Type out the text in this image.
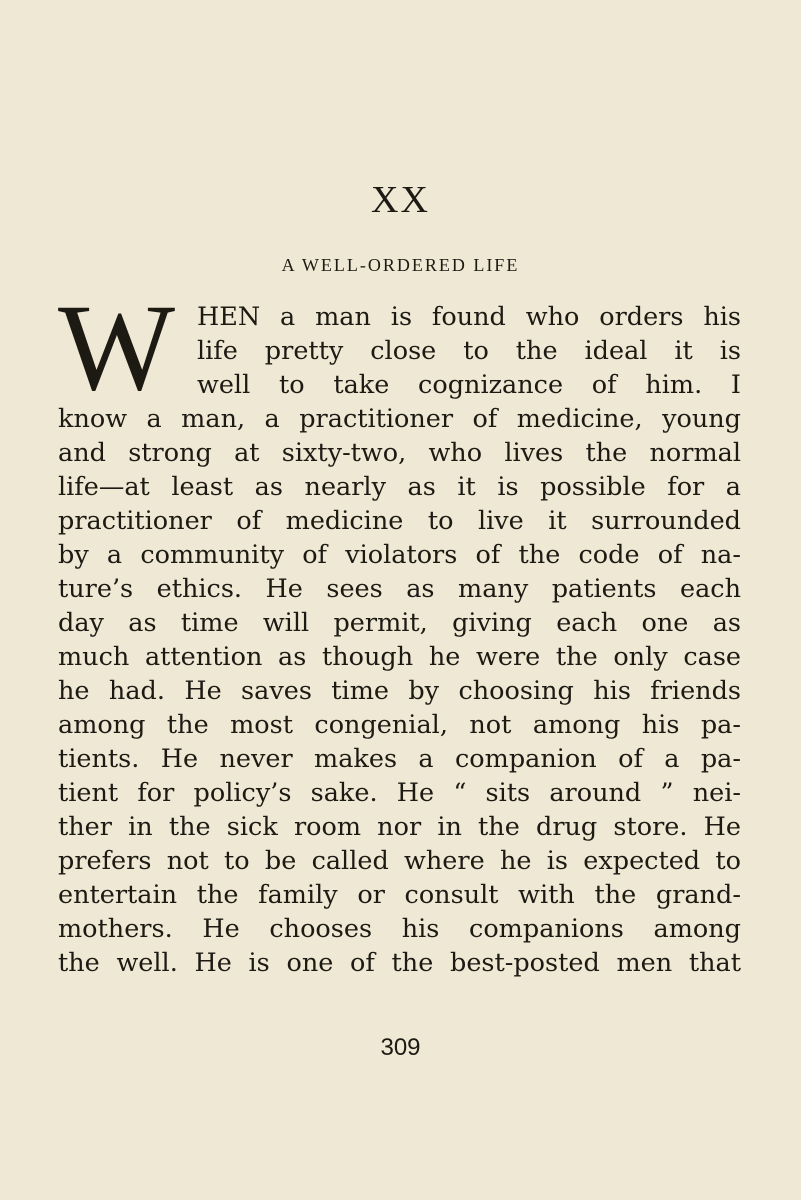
XX
A WELL-ORDERED LIFE
W HEN a man is found who orders his
life pretty close to the ideal it is
well to take cognizance of him. I
know a man, a practitioner of medicine, young
and strong at sixty-two, who lives the normal
life—at least as nearly as it is possible for a
practitioner of medicine to live it surrounded
by a community of violators of the code of na-
ture’s ethics. He sees as many patients each
day as time will permit, giving each one as
much attention as though he were the only case
he had. He saves time by choosing his friends
among the most congenial, not among his pa-
tients. He never makes a companion of a pa-
tient for policy’s sake. He “ sits around ” nei-
ther in the sick room nor in the drug store. He
prefers not to be called where he is expected to
entertain the family or consult with the grand-
mothers. He chooses his companions among
the well. He is one of the best-posted men that
309
